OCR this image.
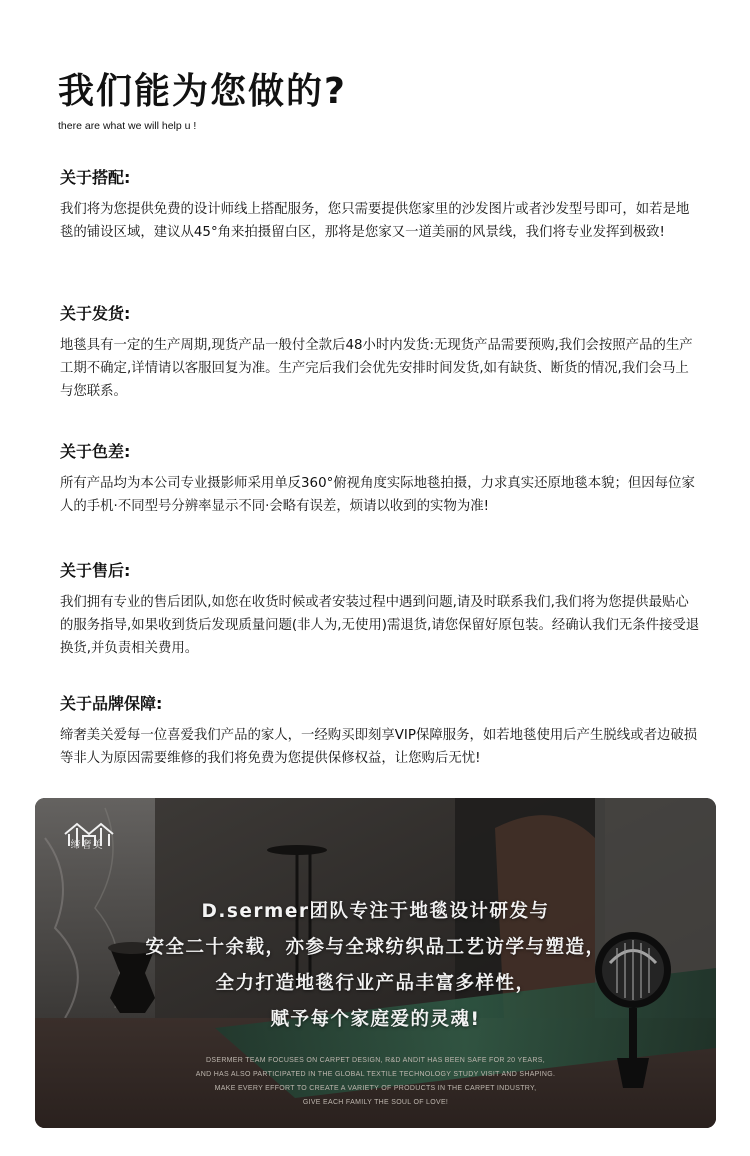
我们能为您做的?
there are what we will help u !
关于搭配:

我们将为您提供免费的设计师线上搭配服务，您只需要提供您家里的沙发图片或者沙发型号即可，如若是地毯的铺设区域，建议从45°角来拍摄留白区，那将是您家又一道美丽的风景线，我们将专业发挥到极致!

关于发货:

地毯具有一定的生产周期,现货产品一般付全款后48小时内发货:无现货产品需要预购,我们会按照产品的生产工期不确定,详情请以客服回复为准。生产完后我们会优先安排时间发货,如有缺货、断货的情况,我们会马上与您联系。

关于色差:

所有产品均为本公司专业摄影师采用单反360°俯视角度实际地毯拍摄，力求真实还原地毯本貌；但因每位家人的手机·不同型号分辨率显示不同·会略有误差，烦请以收到的实物为准!

关于售后:

我们拥有专业的售后团队,如您在收货时候或者安装过程中遇到问题,请及时联系我们,我们将为您提供最贴心的服务指导,如果收到货后发现质量问题(非人为,无使用)需退货,请您保留好原包装。经确认我们无条件接受退换货,并负责相关费用。

关于品牌保障:

缔奢美关爱每一位喜爱我们产品的家人，一经购买即刻享VIP保障服务，如若地毯使用后产生脱线或者边破损等非人为原因需要维修的我们将免费为您提供保修权益，让您购后无忧!

缔奢美
D.sermer团队专注于地毯设计研发与
安全二十余载，亦参与全球纺织品工艺访学与塑造，
全力打造地毯行业产品丰富多样性，
赋予每个家庭爱的灵魂!
DSERMER TEAM FOCUSES ON CARPET DESIGN, R&D ANDIT HAS BEEN SAFE FOR 20 YEARS,
AND HAS ALSO PARTICIPATED IN THE GLOBAL TEXTILE TECHNOLOGY STUDY VISIT AND SHAPING.
MAKE EVERY EFFORT TO CREATE A VARIETY OF PRODUCTS IN THE CARPET INDUSTRY,
GIVE EACH FAMILY THE SOUL OF LOVE!
